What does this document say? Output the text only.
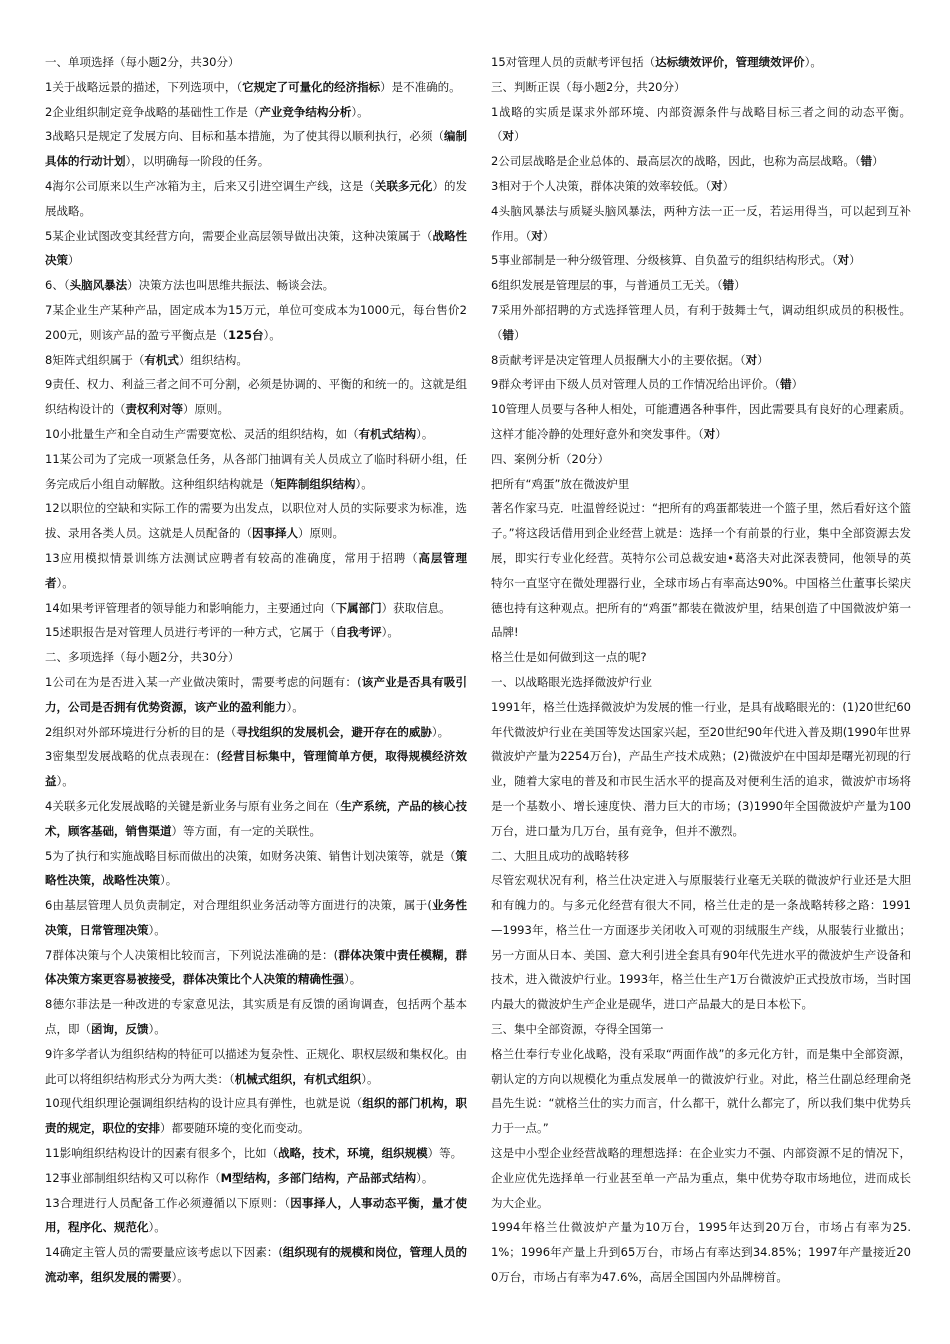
一、单项选择（每小题2分，共30分）

1关于战略远景的描述，下列选项中，（它规定了可量化的经济指标）是不准确的。

2企业组织制定竞争战略的基础性工作是（产业竞争结构分析）。

3战略只是规定了发展方向、目标和基本措施，为了使其得以顺利执行，必须（编制具体的行动计划），以明确每一阶段的任务。

4海尔公司原来以生产冰箱为主，后来又引进空调生产线，这是（关联多元化）的发展战略。

5某企业试图改变其经营方向，需要企业高层领导做出决策，这种决策属于（战略性决策）

6、（头脑风暴法）决策方法也叫思维共振法、畅谈会法。

7某企业生产某种产品，固定成本为15万元，单位可变成本为1000元，每台售价2200元，则该产品的盈亏平衡点是（125台）。

8矩阵式组织属于（有机式）组织结构。

9责任、权力、利益三者之间不可分割，必须是协调的、平衡的和统一的。这就是组织结构设计的（责权利对等）原则。

10小批量生产和全自动生产需要宽松、灵活的组织结构，如（有机式结构）。

11某公司为了完成一项紧急任务，从各部门抽调有关人员成立了临时科研小组，任务完成后小组自动解散。这种组织结构就是（矩阵制组织结构）。

12以职位的空缺和实际工作的需要为出发点，以职位对人员的实际要求为标准，选拔、录用各类人员。这就是人员配备的（因事择人）原则。

13应用模拟情景训练方法测试应聘者有较高的准确度，常用于招聘（高层管理者）。

14如果考评管理者的领导能力和影响能力，主要通过向（下属部门）获取信息。

15述职报告是对管理人员进行考评的一种方式，它属于（自我考评）。

二、多项选择（每小题2分，共30分）

1公司在为是否进入某一产业做决策时，需要考虑的问题有：(该产业是否具有吸引力，公司是否拥有优势资源，该产业的盈利能力）。

2组织对外部环境进行分析的目的是（寻找组织的发展机会，避开存在的威胁）。

3密集型发展战略的优点表现在：(经营目标集中，管理简单方便，取得规模经济效益）。

4关联多元化发展战略的关键是新业务与原有业务之间在（生产系统，产品的核心技术，顾客基础，销售渠道）等方面，有一定的关联性。

5为了执行和实施战略目标而做出的决策，如财务决策、销售计划决策等，就是（策略性决策，战略性决策）。

6由基层管理人员负责制定，对合理组织业务活动等方面进行的决策，属于(业务性决策，日常管理决策）。

7群体决策与个人决策相比较而言，下列说法准确的是：(群体决策中责任模糊，群体决策方案更容易被接受，群体决策比个人决策的精确性强）。

8德尔菲法是一种改进的专家意见法，其实质是有反馈的函询调查，包括两个基本点，即（函询，反馈）。

9许多学者认为组织结构的特征可以描述为复杂性、正规化、职权层级和集权化。由此可以将组织结构形式分为两大类：（机械式组织，有机式组织）。

10现代组织理论强调组织结构的设计应具有弹性，也就是说（组织的部门机构，职责的规定，职位的安排）都要随环境的变化而变动。

11影响组织结构设计的因素有很多个，比如（战略，技术，环境，组织规模）等。

12事业部制组织结构又可以称作（M型结构，多部门结构，产品部式结构）。

13合理进行人员配备工作必须遵循以下原则：（因事择人，人事动态平衡，量才使用，程序化、规范化）。

14确定主管人员的需要量应该考虑以下因素：(组织现有的规模和岗位，管理人员的流动率，组织发展的需要）。

15对管理人员的贡献考评包括（达标绩效评价，管理绩效评价）。

三、判断正误（每小题2分，共20分）

1战略的实质是谋求外部环境、内部资源条件与战略目标三者之间的动态平衡。（对）

2公司层战略是企业总体的、最高层次的战略，因此，也称为高层战略。（错）

3相对于个人决策，群体决策的效率较低。（对）

4头脑风暴法与质疑头脑风暴法，两种方法一正一反，若运用得当，可以起到互补作用。（对）

5事业部制是一种分级管理、分级核算、自负盈亏的组织结构形式。（对）

6组织发展是管理层的事，与普通员工无关。（错）

7采用外部招聘的方式选择管理人员，有利于鼓舞士气，调动组织成员的积极性。（错）

8贡献考评是决定管理人员报酬大小的主要依据。（对）

9群众考评由下级人员对管理人员的工作情况给出评价。（错）

10管理人员要与各种人相处，可能遭遇各种事件，因此需要具有良好的心理素质。这样才能冷静的处理好意外和突发事件。（对）

四、案例分析（20分）

把所有“鸡蛋”放在微波炉里

著名作家马克．吐温曾经说过：“把所有的鸡蛋都装进一个篮子里，然后看好这个篮子。”将这段话借用到企业经营上就是：选择一个有前景的行业，集中全部资源去发展，即实行专业化经营。英特尔公司总裁安迪•葛洛夫对此深表赞同，他领导的英特尔一直坚守在微处理器行业，全球市场占有率高达90%。中国格兰仕董事长梁庆德也持有这种观点。把所有的“鸡蛋”都装在微波炉里，结果创造了中国微波炉第一品牌!

格兰仕是如何做到这一点的呢?

一、以战略眼光选择微波炉行业

1991年，格兰仕选择微波炉为发展的惟一行业，是具有战略眼光的：(1)20世纪60年代微波炉行业在美国等发达国家兴起，至20世纪90年代进入普及期(1990年世界微波炉产量为2254万台)，产品生产技术成熟；(2)微波炉在中国却是曙光初现的行业，随着大家电的普及和市民生活水平的提高及对便利生活的追求，微波炉市场将是一个基数小、增长速度快、潜力巨大的市场；(3)1990年全国微波炉产量为100万台，进口量为几万台，虽有竞争，但并不激烈。

二、大胆且成功的战略转移

尽管宏观状况有利，格兰仕决定进入与原服装行业毫无关联的微波炉行业还是大胆和有魄力的。与多元化经营有很大不同，格兰仕走的是一条战略转移之路：1991—1993年，格兰仕一方面逐步关闭收入可观的羽绒服生产线，从服装行业撤出；另一方面从日本、美国、意大利引进全套具有90年代先进水平的微波炉生产设备和技术，进入微波炉行业。1993年，格兰仕生产1万台微波炉正式投放市场，当时国内最大的微波炉生产企业是砚华，进口产品最大的是日本松下。

三、集中全部资源，夺得全国第一

格兰仕奉行专业化战略，没有采取“两面作战”的多元化方针，而是集中全部资源，朝认定的方向以规模化为重点发展单一的微波炉行业。对此，格兰仕副总经理俞尧昌先生说：“就格兰仕的实力而言，什么都干，就什么都完了，所以我们集中优势兵力于一点。”

这是中小型企业经营战略的理想选择：在企业实力不强、内部资源不足的情况下，企业应优先选择单一行业甚至单一产品为重点，集中优势夺取市场地位，进而成长为大企业。

1994年格兰仕微波炉产量为10万台，1995年达到20万台，市场占有率为25.1%；1996年产量上升到65万台，市场占有率达到34.85%；1997年产量接近200万台，市场占有率为47.6%，高居全国国内外品牌榜首。
